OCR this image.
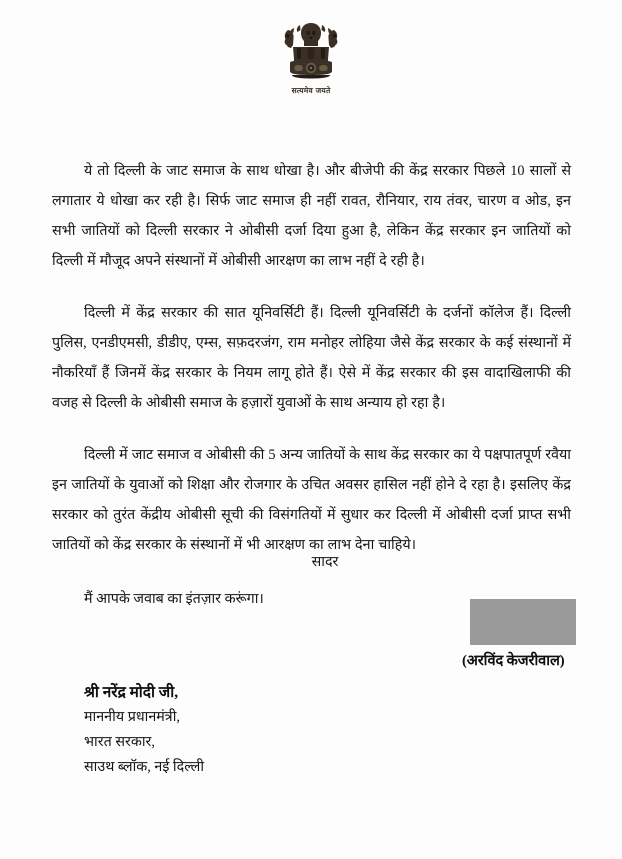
सत्यमेव जयते

ये तो दिल्ली के जाट समाज के साथ धोखा है। और बीजेपी की केंद्र सरकार पिछले 10 सालों से लगातार ये धोखा कर रही है। सिर्फ जाट समाज ही नहीं रावत, रौनियार, राय तंवर, चारण व ओड, इन सभी जातियों को दिल्ली सरकार ने ओबीसी दर्जा दिया हुआ है, लेकिन केंद्र सरकार इन जातियों को दिल्ली में मौजूद अपने संस्थानों में ओबीसी आरक्षण का लाभ नहीं दे रही है।

दिल्ली में केंद्र सरकार की सात यूनिवर्सिटी हैं। दिल्ली यूनिवर्सिटी के दर्जनों कॉलेज हैं। दिल्ली पुलिस, एनडीएमसी, डीडीए, एम्स, सफ़दरजंग, राम मनोहर लोहिया जैसे केंद्र सरकार के कई संस्थानों में नौकरियाँ हैं जिनमें केंद्र सरकार के नियम लागू होते हैं। ऐसे में केंद्र सरकार की इस वादाखिलाफी की वजह से दिल्ली के ओबीसी समाज के हज़ारों युवाओं के साथ अन्याय हो रहा है।

दिल्ली में जाट समाज व ओबीसी की 5 अन्य जातियों के साथ केंद्र सरकार का ये पक्षपातपूर्ण रवैया इन जातियों के युवाओं को शिक्षा और रोजगार के उचित अवसर हासिल नहीं होने दे रहा है। इसलिए केंद्र सरकार को तुरंत केंद्रीय ओबीसी सूची की विसंगतियों में सुधार कर दिल्ली में ओबीसी दर्जा प्राप्त सभी जातियों को केंद्र सरकार के संस्थानों में भी आरक्षण का लाभ देना चाहिये।

मैं आपके जवाब का इंतज़ार करूंगा।

सादर
(अरविंद केजरीवाल)
श्री नरेंद्र मोदी जी,
माननीय प्रधानमंत्री,
भारत सरकार,
साउथ ब्लॉक, नई दिल्ली
